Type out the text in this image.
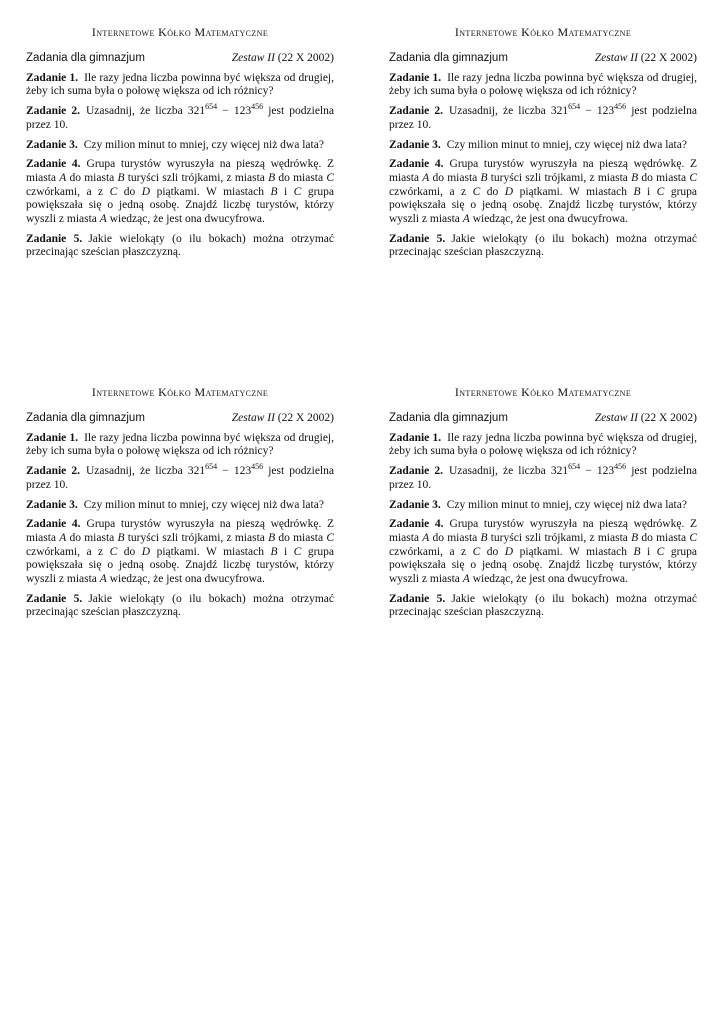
Internetowe Kółko Matematyczne
Zadania dla gimnazjum	Zestaw II (22 X 2002)

Zadanie 1. Ile razy jedna liczba powinna być większa od drugiej, żeby ich suma była o połowę większa od ich różnicy?

Zadanie 2. Uzasadnij, że liczba $321^{654} - 123^{456}$ jest podzielna przez 10.

Zadanie 3. Czy milion minut to mniej, czy więcej niż dwa lata?

Zadanie 4. Grupa turystów wyruszyła na pieszą wędrówkę. Z miasta A do miasta B turyści szli trójkami, z miasta B do miasta C czwórkami, a z C do D piątkami. W miastach B i C grupa powiększała się o jedną osobę. Znajdź liczbę turystów, którzy wyszli z miasta A wiedząc, że jest ona dwucyfrowa.

Zadanie 5. Jakie wielokąty (o ilu bokach) można otrzymać przecinając sześcian płaszczyzną.

Internetowe Kółko Matematyczne
Zadania dla gimnazjum	Zestaw II (22 X 2002)

Zadanie 1. Ile razy jedna liczba powinna być większa od drugiej, żeby ich suma była o połowę większa od ich różnicy?

Zadanie 2. Uzasadnij, że liczba $321^{654} - 123^{456}$ jest podzielna przez 10.

Zadanie 3. Czy milion minut to mniej, czy więcej niż dwa lata?

Zadanie 4. Grupa turystów wyruszyła na pieszą wędrówkę. Z miasta A do miasta B turyści szli trójkami, z miasta B do miasta C czwórkami, a z C do D piątkami. W miastach B i C grupa powiększała się o jedną osobę. Znajdź liczbę turystów, którzy wyszli z miasta A wiedząc, że jest ona dwucyfrowa.

Zadanie 5. Jakie wielokąty (o ilu bokach) można otrzymać przecinając sześcian płaszczyzną.

Internetowe Kółko Matematyczne
Zadania dla gimnazjum	Zestaw II (22 X 2002)

Zadanie 1. Ile razy jedna liczba powinna być większa od drugiej, żeby ich suma była o połowę większa od ich różnicy?

Zadanie 2. Uzasadnij, że liczba $321^{654} - 123^{456}$ jest podzielna przez 10.

Zadanie 3. Czy milion minut to mniej, czy więcej niż dwa lata?

Zadanie 4. Grupa turystów wyruszyła na pieszą wędrówkę. Z miasta A do miasta B turyści szli trójkami, z miasta B do miasta C czwórkami, a z C do D piątkami. W miastach B i C grupa powiększała się o jedną osobę. Znajdź liczbę turystów, którzy wyszli z miasta A wiedząc, że jest ona dwucyfrowa.

Zadanie 5. Jakie wielokąty (o ilu bokach) można otrzymać przecinając sześcian płaszczyzną.

Internetowe Kółko Matematyczne
Zadania dla gimnazjum	Zestaw II (22 X 2002)

Zadanie 1. Ile razy jedna liczba powinna być większa od drugiej, żeby ich suma była o połowę większa od ich różnicy?

Zadanie 2. Uzasadnij, że liczba $321^{654} - 123^{456}$ jest podzielna przez 10.

Zadanie 3. Czy milion minut to mniej, czy więcej niż dwa lata?

Zadanie 4. Grupa turystów wyruszyła na pieszą wędrówkę. Z miasta A do miasta B turyści szli trójkami, z miasta B do miasta C czwórkami, a z C do D piątkami. W miastach B i C grupa powiększała się o jedną osobę. Znajdź liczbę turystów, którzy wyszli z miasta A wiedząc, że jest ona dwucyfrowa.

Zadanie 5. Jakie wielokąty (o ilu bokach) można otrzymać przecinając sześcian płaszczyzną.
